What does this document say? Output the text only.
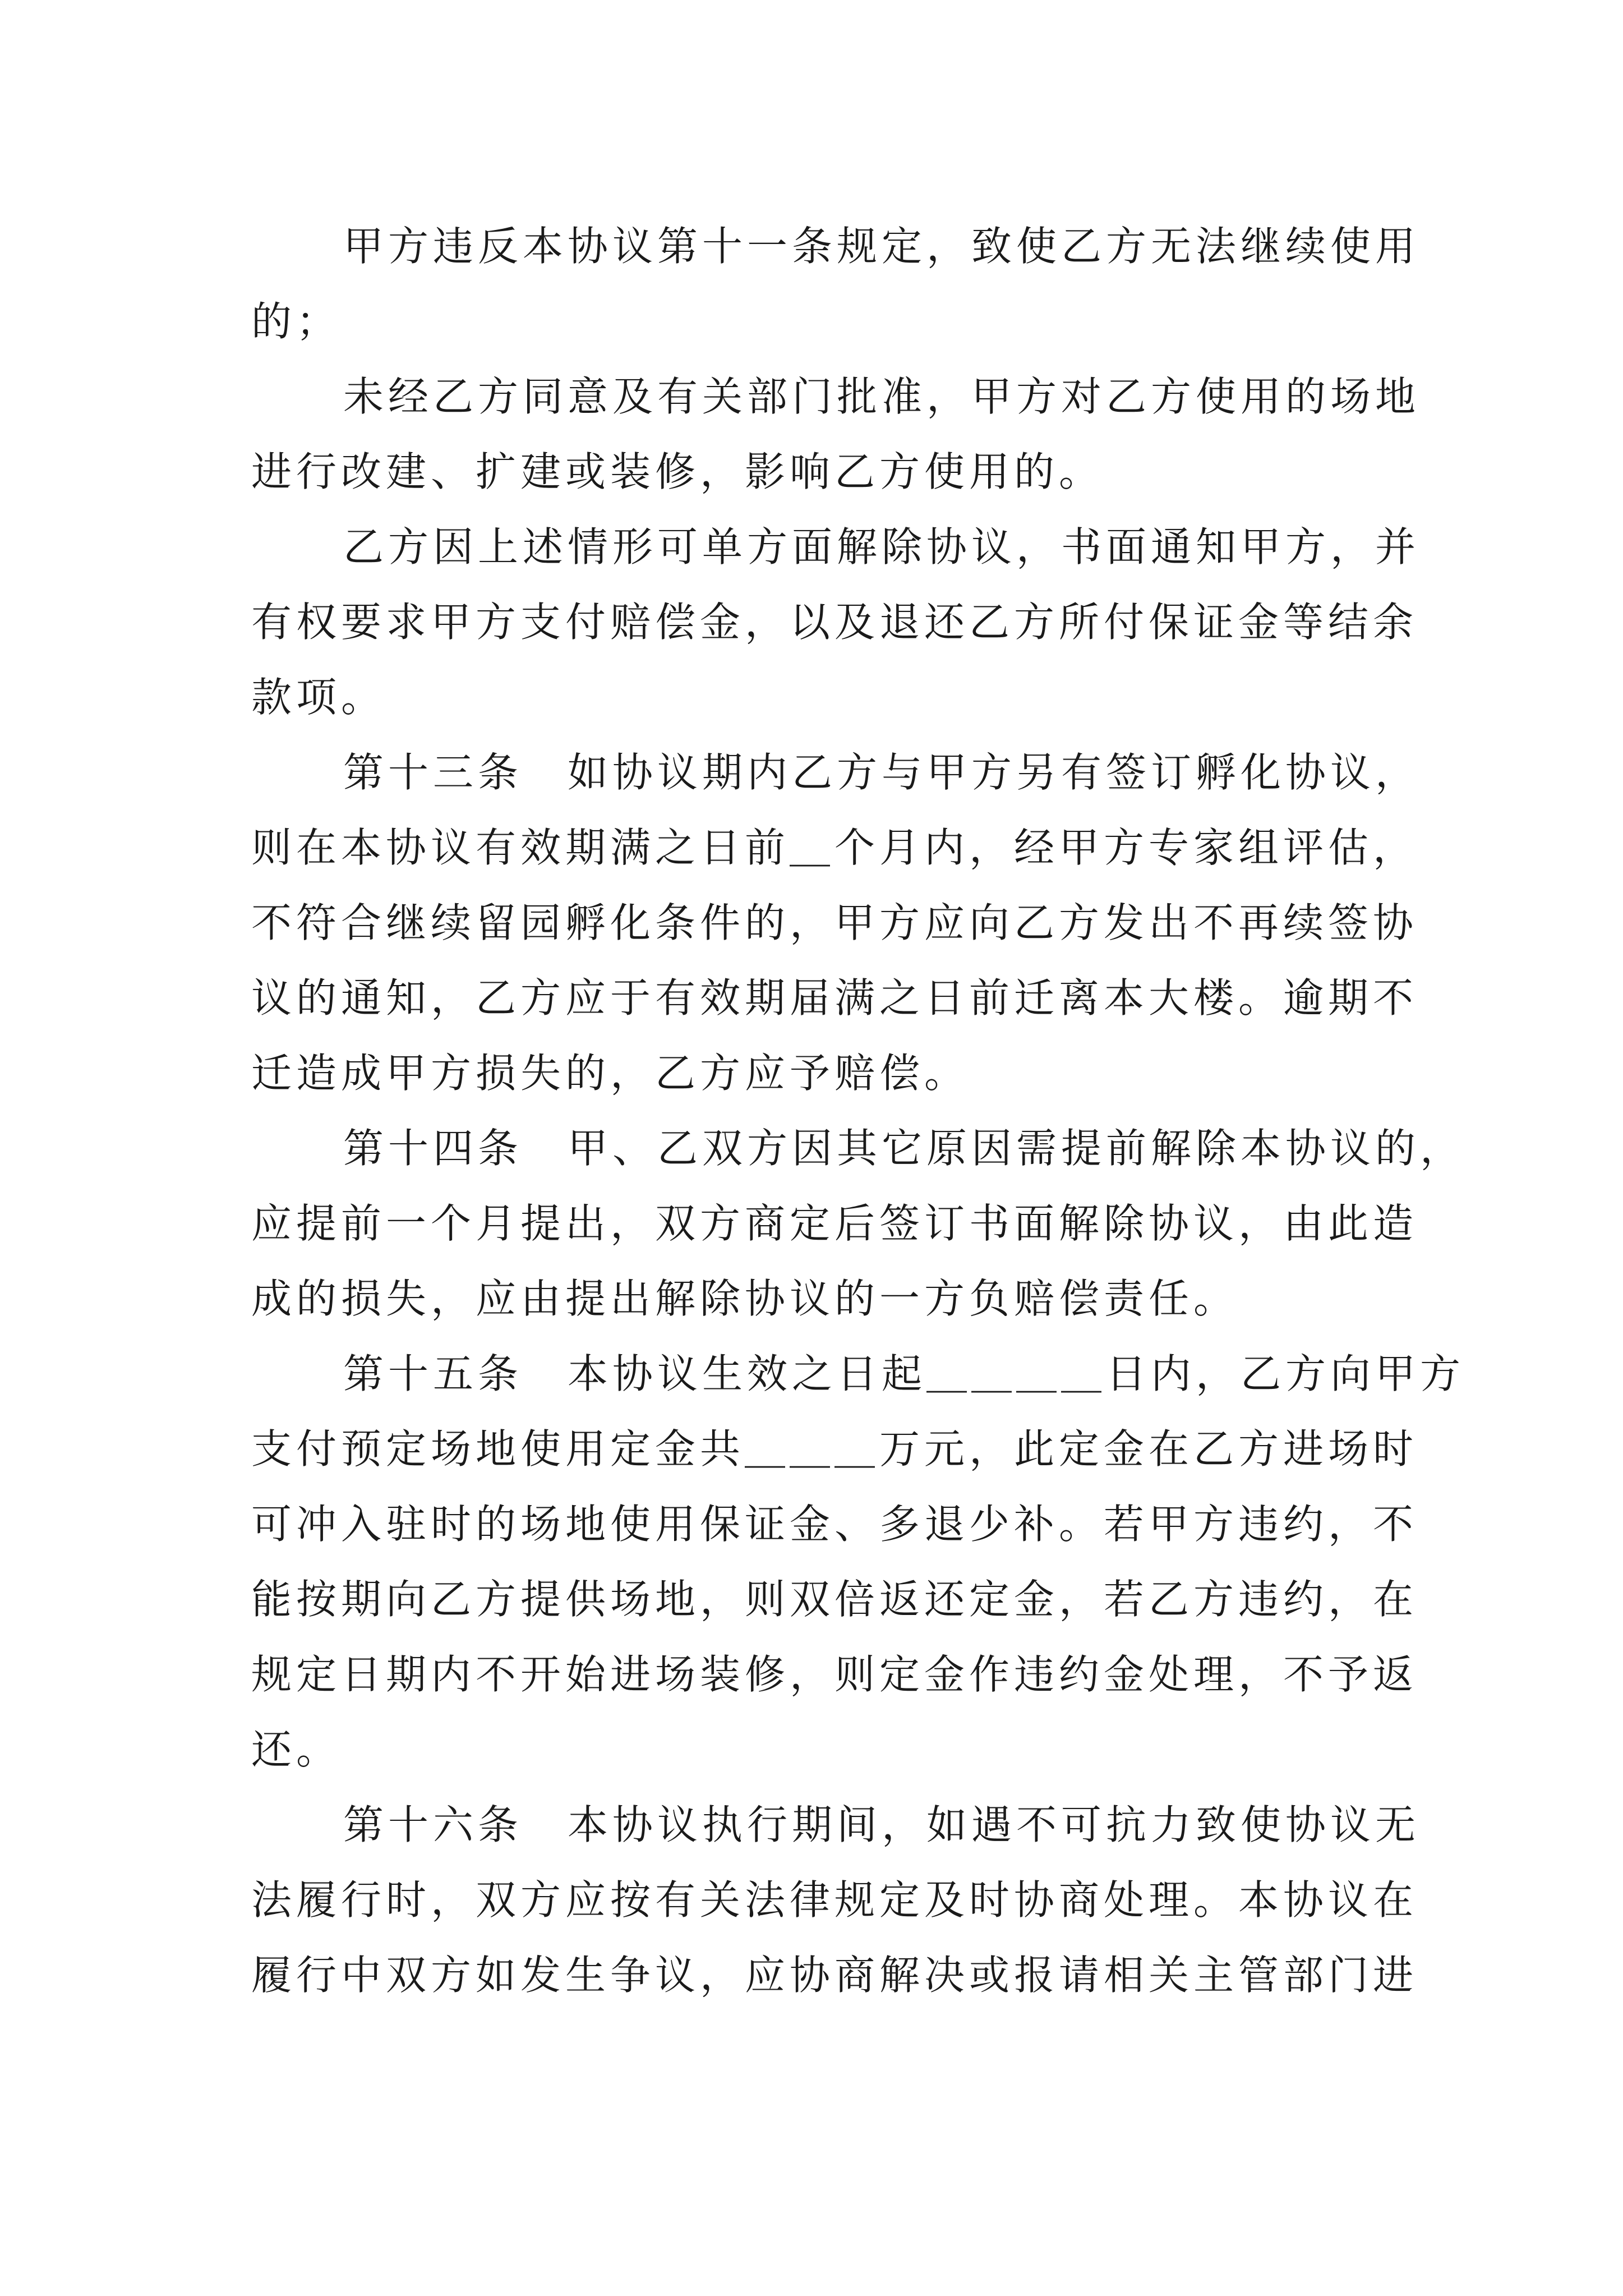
甲方违反本协议第十一条规定，致使乙方无法继续使用
的；
未经乙方同意及有关部门批准，甲方对乙方使用的场地
进行改建、扩建或装修，影响乙方使用的。
乙方因上述情形可单方面解除协议，书面通知甲方，并
有权要求甲方支付赔偿金，以及退还乙方所付保证金等结余
款项。
第十三条　如协议期内乙方与甲方另有签订孵化协议，
则在本协议有效期满之日前＿个月内，经甲方专家组评估，
不符合继续留园孵化条件的，甲方应向乙方发出不再续签协
议的通知，乙方应于有效期届满之日前迁离本大楼。逾期不
迁造成甲方损失的，乙方应予赔偿。
第十四条　甲、乙双方因其它原因需提前解除本协议的，
应提前一个月提出，双方商定后签订书面解除协议，由此造
成的损失，应由提出解除协议的一方负赔偿责任。
第十五条　本协议生效之日起＿＿＿＿日内，乙方向甲方
支付预定场地使用定金共＿＿＿万元，此定金在乙方进场时
可冲入驻时的场地使用保证金、多退少补。若甲方违约，不
能按期向乙方提供场地，则双倍返还定金，若乙方违约，在
规定日期内不开始进场装修，则定金作违约金处理，不予返
还。
第十六条　本协议执行期间，如遇不可抗力致使协议无
法履行时，双方应按有关法律规定及时协商处理。本协议在
履行中双方如发生争议，应协商解决或报请相关主管部门进
